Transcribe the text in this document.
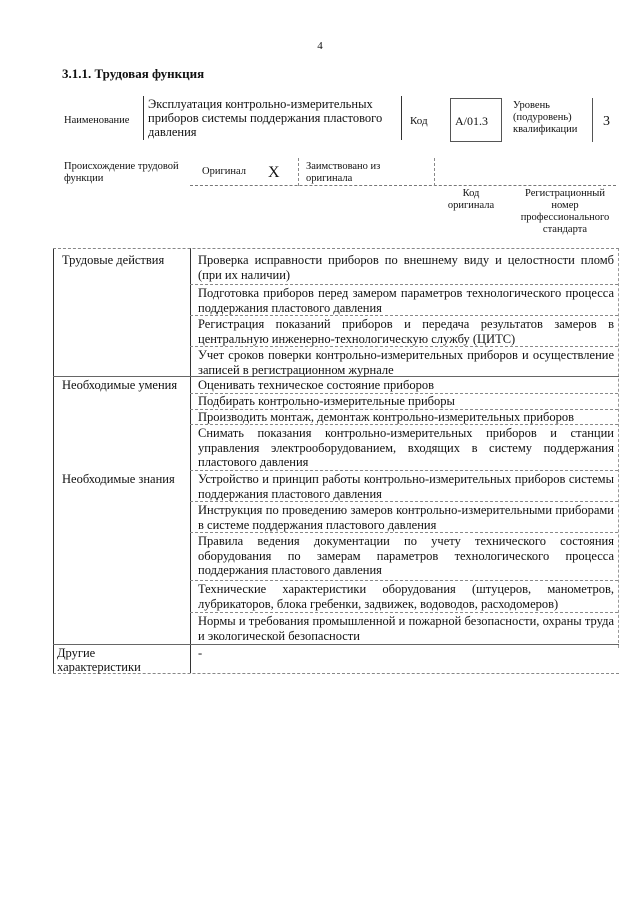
4
3.1.1. Трудовая функция
Наименование
Эксплуатация контрольно-измерительных приборов системы поддержания пластового давления
Код А/01.3
Уровень (подуровень) квалификации
3
Происхождение трудовой функции
Оригинал X	Заимствовано из оригинала
Код оригинала
Регистрационный номер профессионального стандарта
Трудовые действия
Необходимые умения
Необходимые знания
Другие характеристики
Проверка исправности приборов по внешнему виду и целостности пломб (при их наличии)
Подготовка приборов перед замером параметров технологического процесса поддержания пластового давления
Регистрация показаний приборов и передача результатов замеров в центральную инженерно-технологическую службу (ЦИТС)
Учет сроков поверки контрольно-измерительных приборов и осуществление записей в регистрационном журнале
Оценивать техническое состояние приборов
Подбирать контрольно-измерительные приборы
Производить монтаж, демонтаж контрольно-измерительных приборов
Снимать показания контрольно-измерительных приборов и станции управления электрооборудованием, входящих в систему поддержания пластового давления
Устройство и принцип работы контрольно-измерительных приборов системы поддержания пластового давления
Инструкция по проведению замеров контрольно-измерительными приборами в системе поддержания пластового давления
Правила ведения документации по учету технического состояния оборудования по замерам параметров технологического процесса поддержания пластового давления
Технические характеристики оборудования (штуцеров, манометров, лубрикаторов, блока гребенки, задвижек, водоводов, расходомеров)
Нормы и требования промышленной и пожарной безопасности, охраны труда и экологической безопасности
-
